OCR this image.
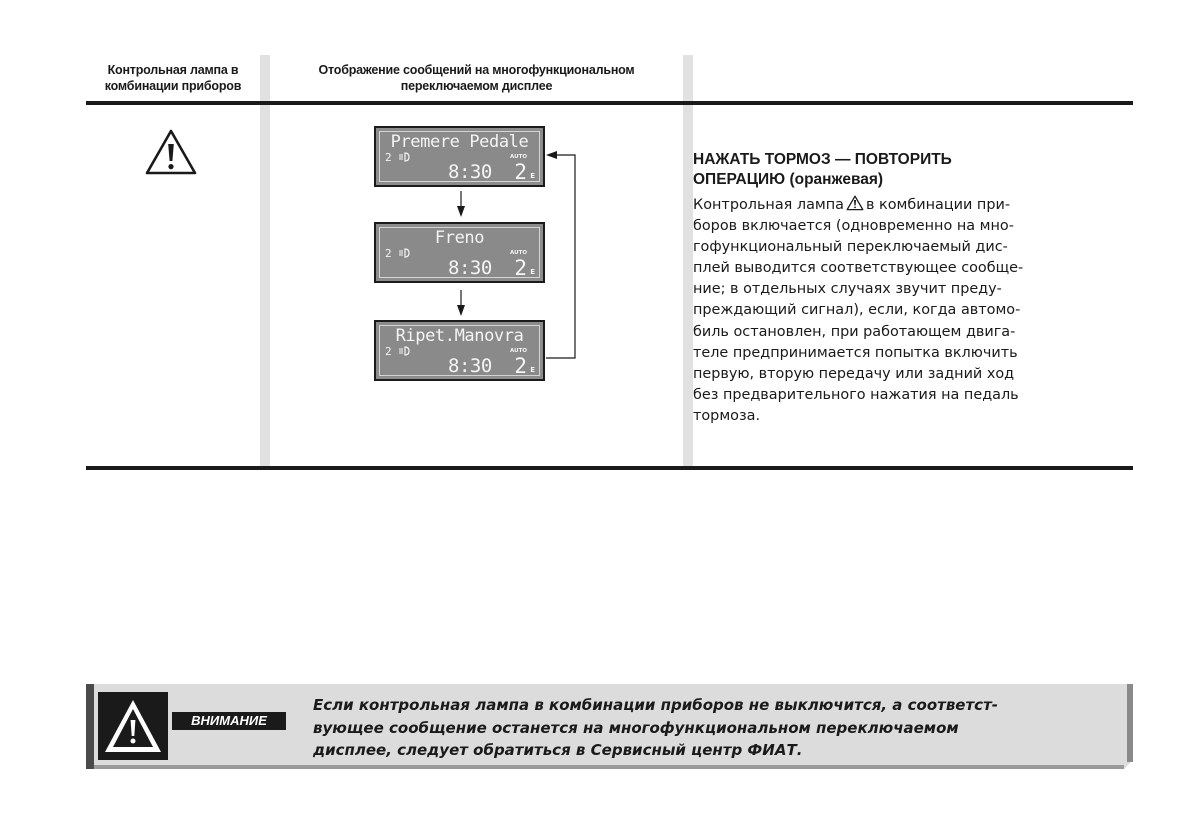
Контрольная лампа в
комбинации приборов
Отображение сообщений на многофункциональном
переключаемом дисплее
Premere Pedale
2	AUTO
8:30 2 E
Freno
2	AUTO
8:30 2 E
Ripet.Manovra
2	AUTO
8:30 2 E
НАЖАТЬ ТОРМОЗ — ПОВТОРИТЬ
ОПЕРАЦИЮ (оранжевая)
Контрольная лампа в комбинации при-
боров включается (одновременно на мно-
гофункциональный переключаемый дис-
плей выводится соответствующее сообще-
ние; в отдельных случаях звучит преду-
преждающий сигнал), если, когда автомо-
биль остановлен, при работающем двига-
теле предпринимается попытка включить
первую, вторую передачу или задний ход
без предварительного нажатия на педаль
тормоза.
ВНИМАНИЕ
Если контрольная лампа в комбинации приборов не выключится, а соответст-
вующее сообщение останется на многофункциональном переключаемом
дисплее, следует обратиться в Сервисный центр ФИАТ.
